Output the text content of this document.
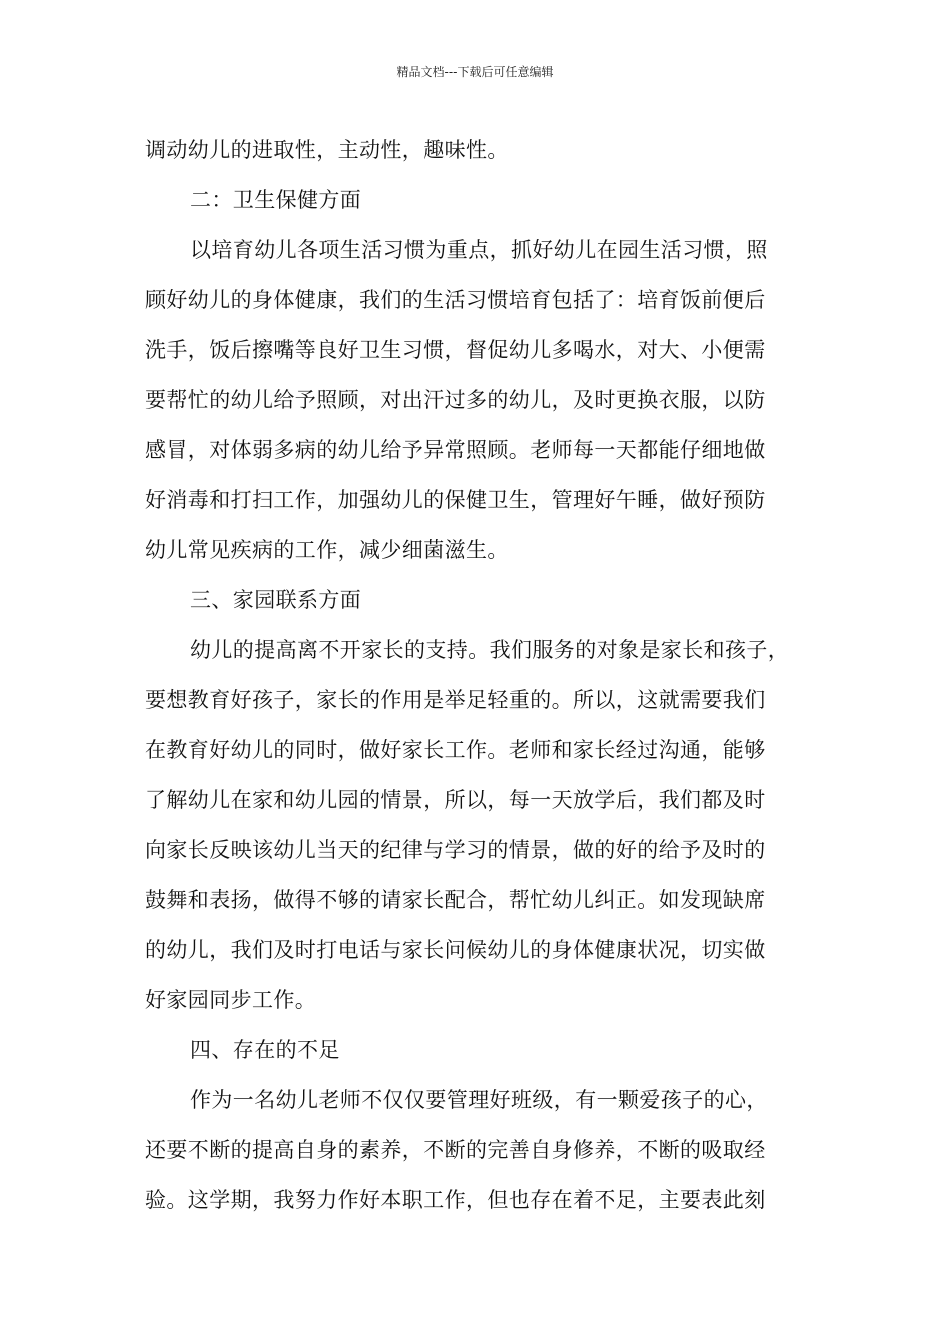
精品文档---下载后可任意编辑
调动幼儿的进取性，主动性，趣味性。
二：卫生保健方面
以培育幼儿各项生活习惯为重点，抓好幼儿在园生活习惯，照
顾好幼儿的身体健康，我们的生活习惯培育包括了：培育饭前便后
洗手，饭后擦嘴等良好卫生习惯，督促幼儿多喝水，对大、小便需
要帮忙的幼儿给予照顾，对出汗过多的幼儿，及时更换衣服，以防
感冒，对体弱多病的幼儿给予异常照顾。老师每一天都能仔细地做
好消毒和打扫工作，加强幼儿的保健卫生，管理好午睡，做好预防
幼儿常见疾病的工作，减少细菌滋生。
三、家园联系方面
幼儿的提高离不开家长的支持。我们服务的对象是家长和孩子，
要想教育好孩子，家长的作用是举足轻重的。所以，这就需要我们
在教育好幼儿的同时，做好家长工作。老师和家长经过沟通，能够
了解幼儿在家和幼儿园的情景，所以，每一天放学后，我们都及时
向家长反映该幼儿当天的纪律与学习的情景，做的好的给予及时的
鼓舞和表扬，做得不够的请家长配合，帮忙幼儿纠正。如发现缺席
的幼儿，我们及时打电话与家长问候幼儿的身体健康状况，切实做
好家园同步工作。
四、存在的不足
作为一名幼儿老师不仅仅要管理好班级，有一颗爱孩子的心，
还要不断的提高自身的素养，不断的完善自身修养，不断的吸取经
验。这学期，我努力作好本职工作，但也存在着不足，主要表此刻
